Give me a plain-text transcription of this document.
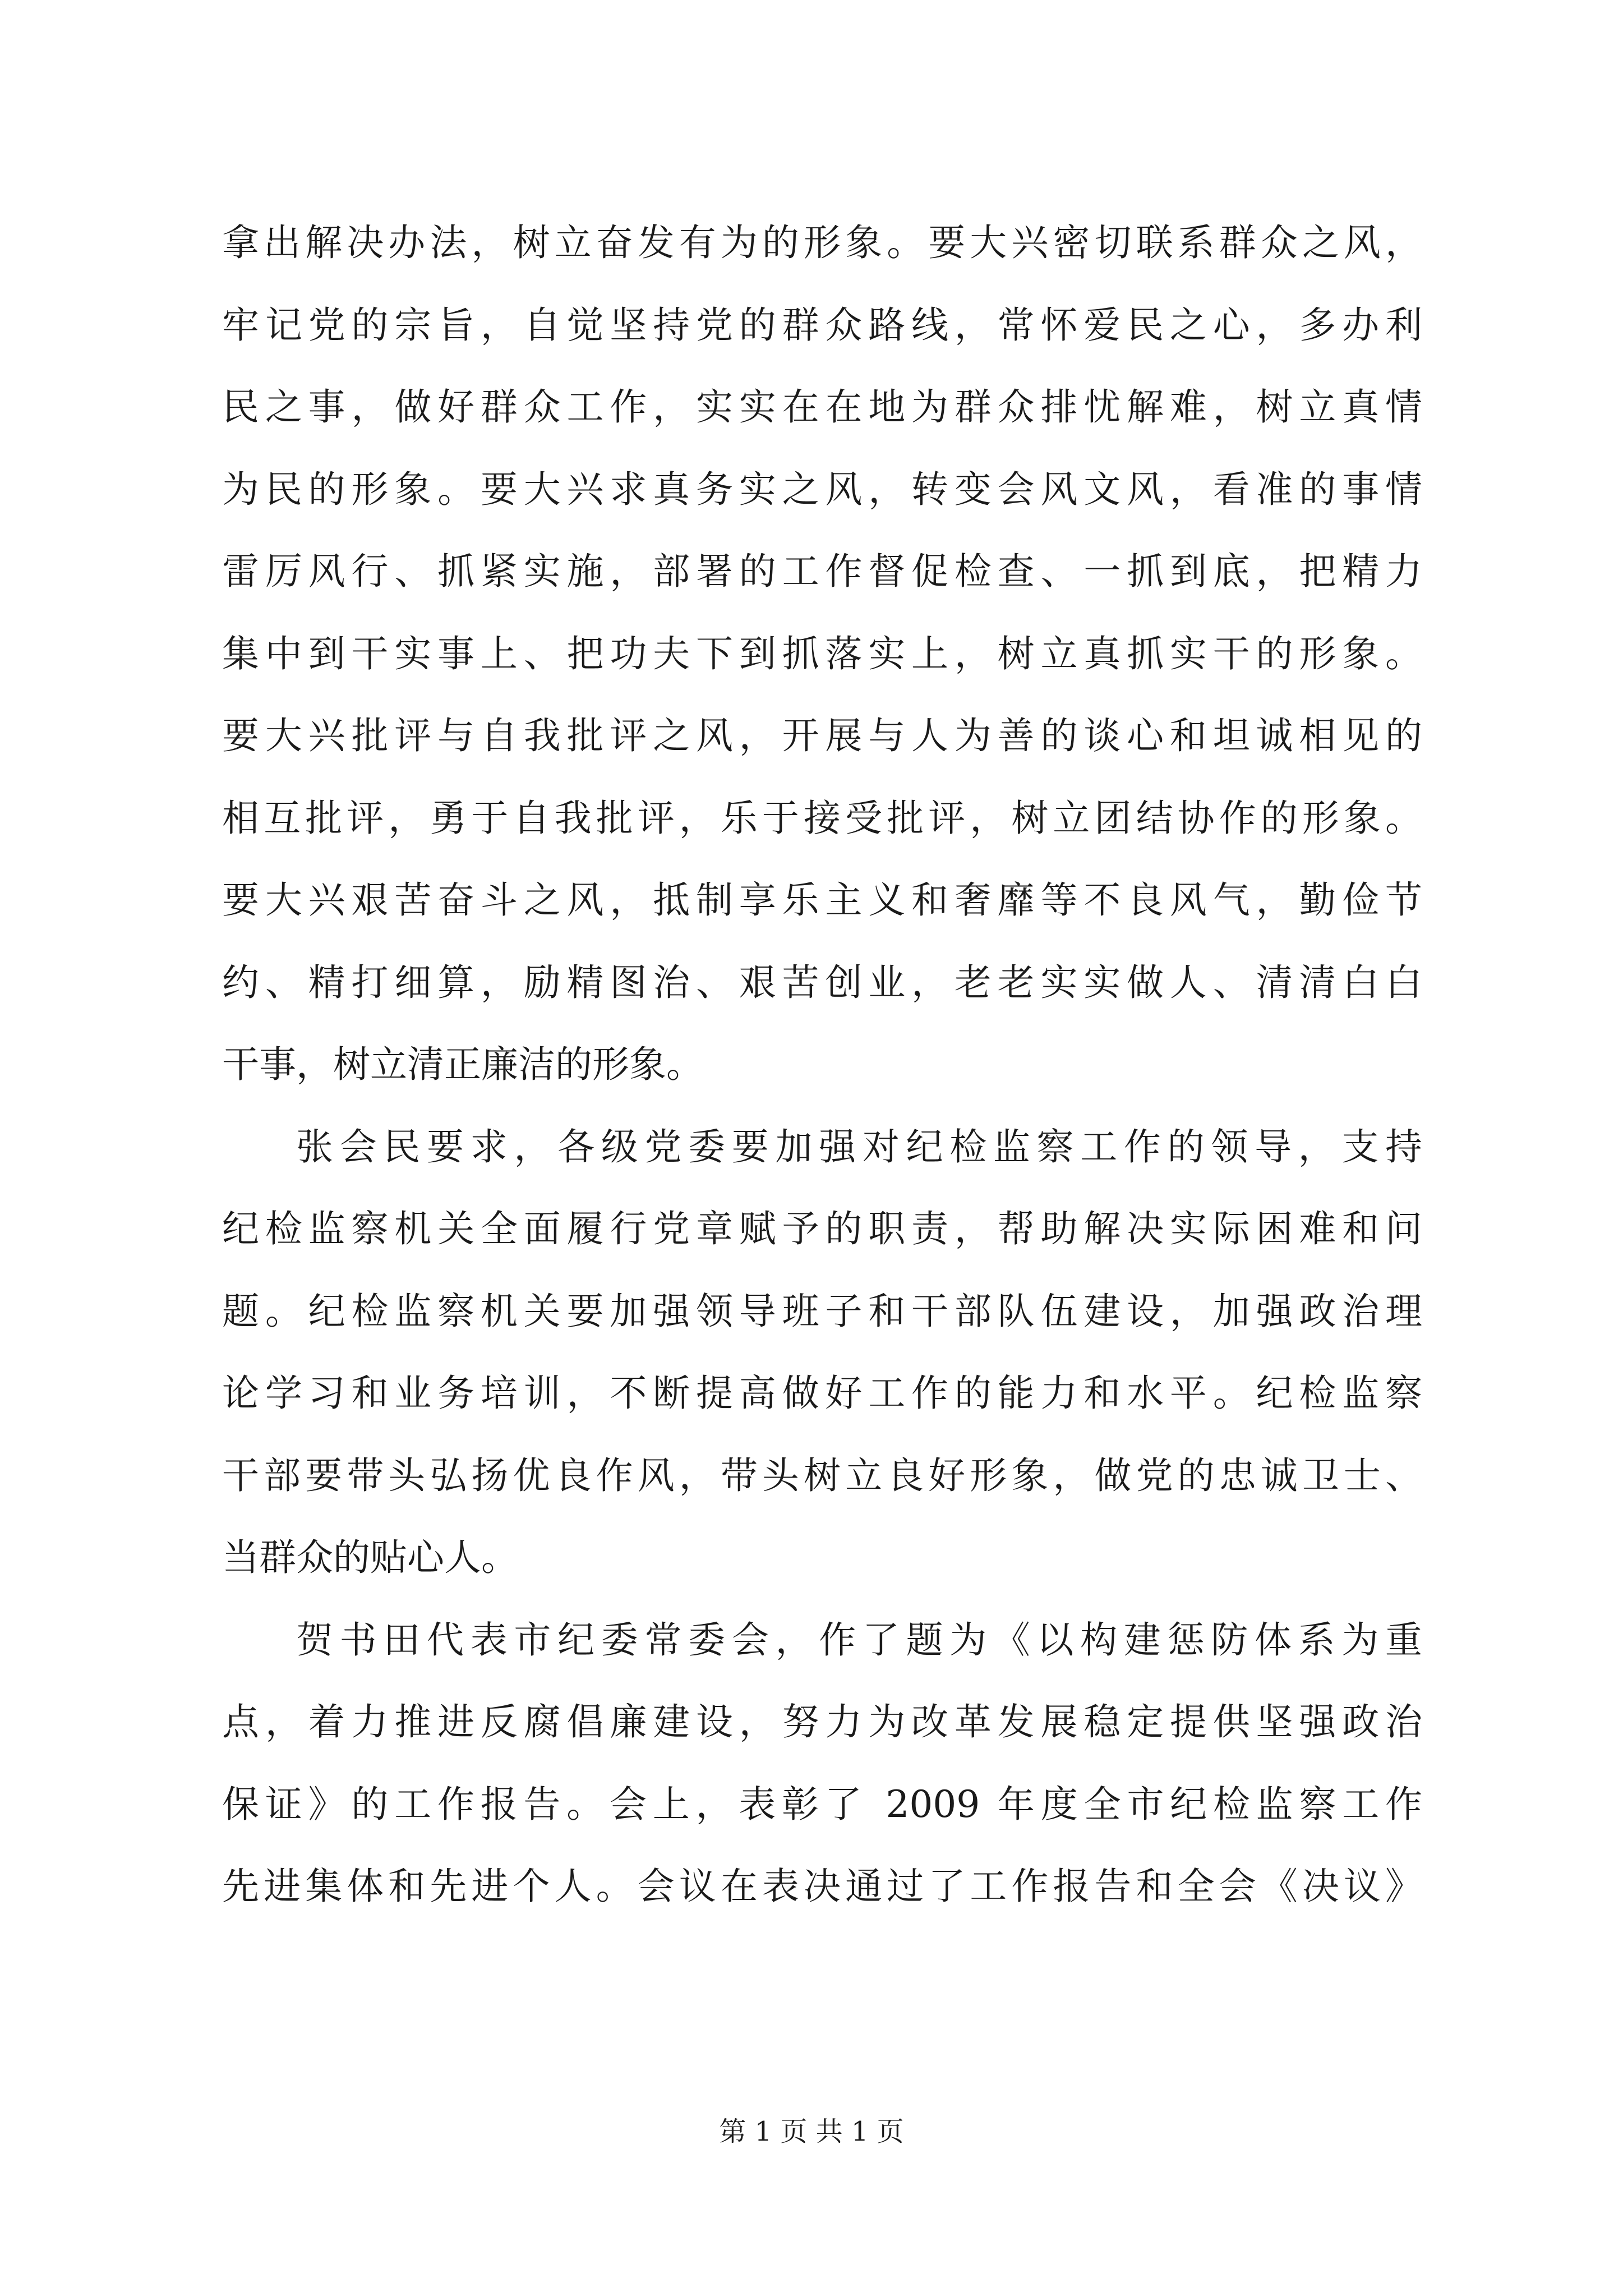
拿出解决办法，树立奋发有为的形象。要大兴密切联系群众之风，
牢记党的宗旨，自觉坚持党的群众路线，常怀爱民之心，多办利
民之事，做好群众工作，实实在在地为群众排忧解难，树立真情
为民的形象。要大兴求真务实之风，转变会风文风，看准的事情
雷厉风行、抓紧实施，部署的工作督促检查、一抓到底，把精力
集中到干实事上、把功夫下到抓落实上，树立真抓实干的形象。
要大兴批评与自我批评之风，开展与人为善的谈心和坦诚相见的
相互批评，勇于自我批评，乐于接受批评，树立团结协作的形象。
要大兴艰苦奋斗之风，抵制享乐主义和奢靡等不良风气，勤俭节
约、精打细算，励精图治、艰苦创业，老老实实做人、清清白白
干事，树立清正廉洁的形象。
张会民要求，各级党委要加强对纪检监察工作的领导，支持
纪检监察机关全面履行党章赋予的职责，帮助解决实际困难和问
题。纪检监察机关要加强领导班子和干部队伍建设，加强政治理
论学习和业务培训，不断提高做好工作的能力和水平。纪检监察
干部要带头弘扬优良作风，带头树立良好形象，做党的忠诚卫士、
当群众的贴心人。
贺书田代表市纪委常委会，作了题为《以构建惩防体系为重
点，着力推进反腐倡廉建设，努力为改革发展稳定提供坚强政治
保证》的工作报告。会上，表彰了 2009 年度全市纪检监察工作
先进集体和先进个人。会议在表决通过了工作报告和全会《决议》
第 1 页 共 1 页
